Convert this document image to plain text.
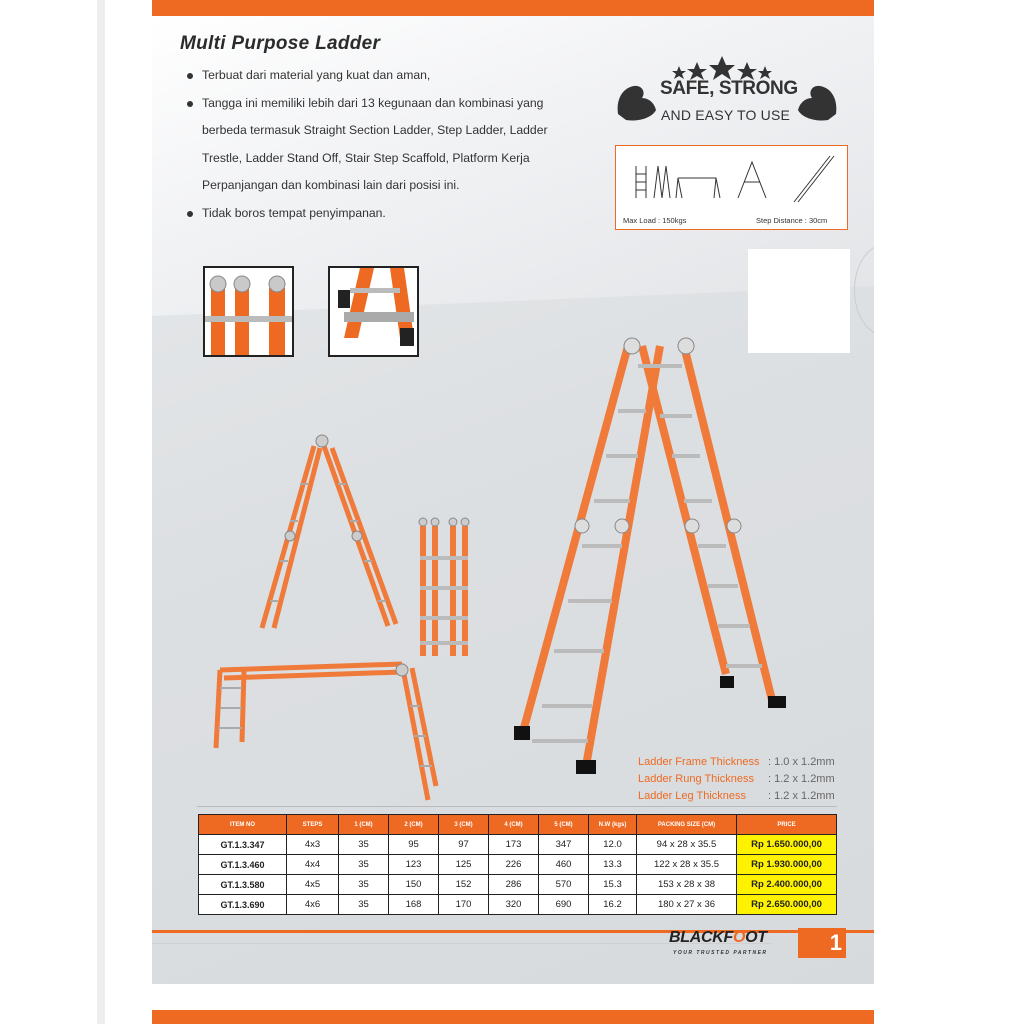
Multi Purpose Ladder
Terbuat dari material yang kuat dan aman,
Tangga ini memiliki lebih dari 13 kegunaan dan kombinasi yang berbeda termasuk Straight Section Ladder, Step Ladder, Ladder Trestle, Ladder Stand Off, Stair Step Scaffold, Platform Kerja Perpanjangan dan kombinasi lain dari posisi ini.
Tidak boros tempat penyimpanan.
SAFE, STRONG
AND EASY TO USE
Max Load : 150kgs	Step Distance : 30cm
Ladder Frame Thickness : 1.0 x 1.2mm
Ladder Rung Thickness : 1.2 x 1.2mm
Ladder Leg Thickness : 1.2 x 1.2mm
ITEM NO	STEPS	1 (CM)	2 (CM)	3 (CM)	4 (CM)	5 (CM)	N.W (kgs)	PACKING SIZE (CM)	PRICE
GT.1.3.347	4x3	35	95	97	173	347	12.0	94 x 28 x 35.5	Rp 1.650.000,00
GT.1.3.460	4x4	35	123	125	226	460	13.3	122 x 28 x 35.5	Rp 1.930.000,00
GT.1.3.580	4x5	35	150	152	286	570	15.3	153 x 28 x 38	Rp 2.400.000,00
GT.1.3.690	4x6	35	168	170	320	690	16.2	180 x 27 x 36	Rp 2.650.000,00
BLACKFOOT
YOUR TRUSTED PARTNER	1
